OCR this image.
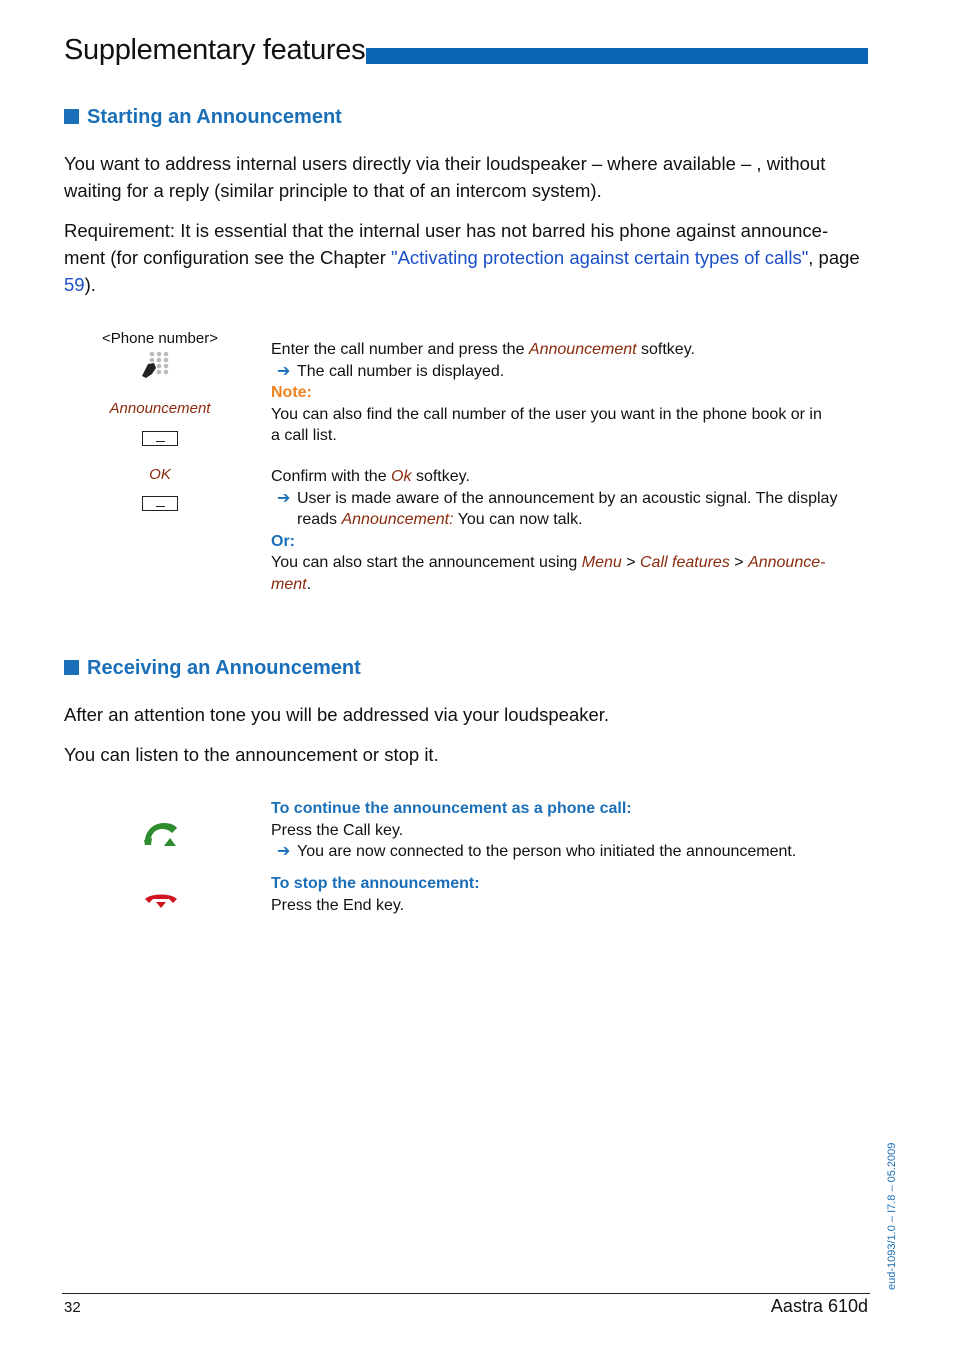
Supplementary features
Starting an Announcement

You want to address internal users directly via their loudspeaker – where available – , without waiting for a reply (similar principle to that of an intercom system).

Requirement: It is essential that the internal user has not barred his phone against announce-ment (for configuration see the Chapter "Activating protection against certain types of calls", page 59).

<Phone number>
Announcement
OK
Enter the call number and press the Announcement softkey.
➔ The call number is displayed.
Note:
You can also find the call number of the user you want in the phone book or in
a call list.
Confirm with the Ok softkey.
➔ User is made aware of the announcement by an acoustic signal. The display
reads Announcement: You can now talk.
Or:
You can also start the announcement using Menu > Call features > Announce-
ment.
Receiving an Announcement

After an attention tone you will be addressed via your loudspeaker.

You can listen to the announcement or stop it.

To continue the announcement as a phone call:
Press the Call key.
➔ You are now connected to the person who initiated the announcement.
To stop the announcement:
Press the End key.
eud-1093/1.0 – I7.8 – 05.2009
32	Aastra 610d
